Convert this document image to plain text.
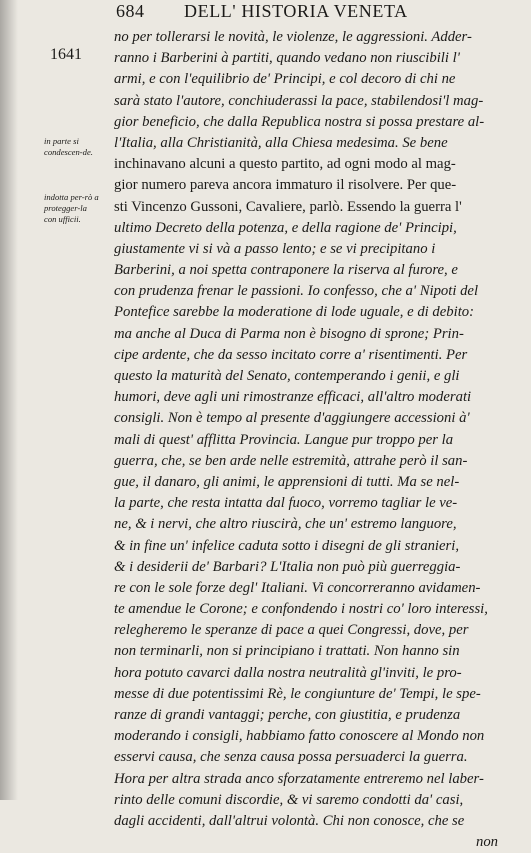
684 DELL' HISTORIA VENETA
1641
in parte si condescen-de.
indotta per-rò a protegger-la con ufficii.
no per tollerarsi le novità, le violenze, le aggressioni. Adder-
ranno i Barberini à partiti, quando vedano non riuscibili l'
armi, e con l'equilibrio de' Principi, e col decoro di chi ne
sarà stato l'autore, conchiuderassi la pace, stabilendosi'l mag-
gior beneficio, che dalla Republica nostra si possa prestare al-
l'Italia, alla Christianità, alla Chiesa medesima. Se bene
inchinavano alcuni a questo partito, ad ogni modo al mag-
gior numero pareva ancora immaturo il risolvere. Per que-
sti Vincenzo Gussoni, Cavaliere, parlò. Essendo la guerra l'
ultimo Decreto della potenza, e della ragione de' Principi,
giustamente vi si và a passo lento; e se vi precipitano i
Barberini, a noi spetta contraponere la riserva al furore, e
con prudenza frenar le passioni. Io confesso, che a' Nipoti del
Pontefice sarebbe la moderatione di lode uguale, e di debito:
ma anche al Duca di Parma non è bisogno di sprone; Prin-
cipe ardente, che da sesso incitato corre a' risentimenti. Per
questo la maturità del Senato, contemperando i genii, e gli
humori, deve agli uni rimostranze efficaci, all'altro moderati
consigli. Non è tempo al presente d'aggiungere accessioni à'
mali di quest' afflitta Provincia. Langue pur troppo per la
guerra, che, se ben arde nelle estremità, attrahe però il san-
gue, il danaro, gli animi, le apprensioni di tutti. Ma se nel-
la parte, che resta intatta dal fuoco, vorremo tagliar le ve-
ne, & i nervi, che altro riuscirà, che un' estremo languore,
& in fine un' infelice caduta sotto i disegni de gli stranieri,
& i desiderii de' Barbari? L'Italia non può più guerreggia-
re con le sole forze degl' Italiani. Vi concorreranno avidamen-
te amendue le Corone; e confondendo i nostri co' loro interessi,
relegheremo le speranze di pace a quei Congressi, dove, per
non terminarli, non si principiano i trattati. Non hanno sin
hora potuto cavarci dalla nostra neutralità gl'inviti, le pro-
messe di due potentissimi Rè, le congiunture de' Tempi, le spe-
ranze di grandi vantaggi; perche, con giustitia, e prudenza
moderando i consigli, habbiamo fatto conoscere al Mondo non
esservi causa, che senza causa possa persuaderci la guerra.
Hora per altra strada anco sforzatamente entreremo nel laber-
rinto delle comuni discordie, & vi saremo condotti da' casi,
dagli accidenti, dall'altrui volontà. Chi non conosce, che se
non
